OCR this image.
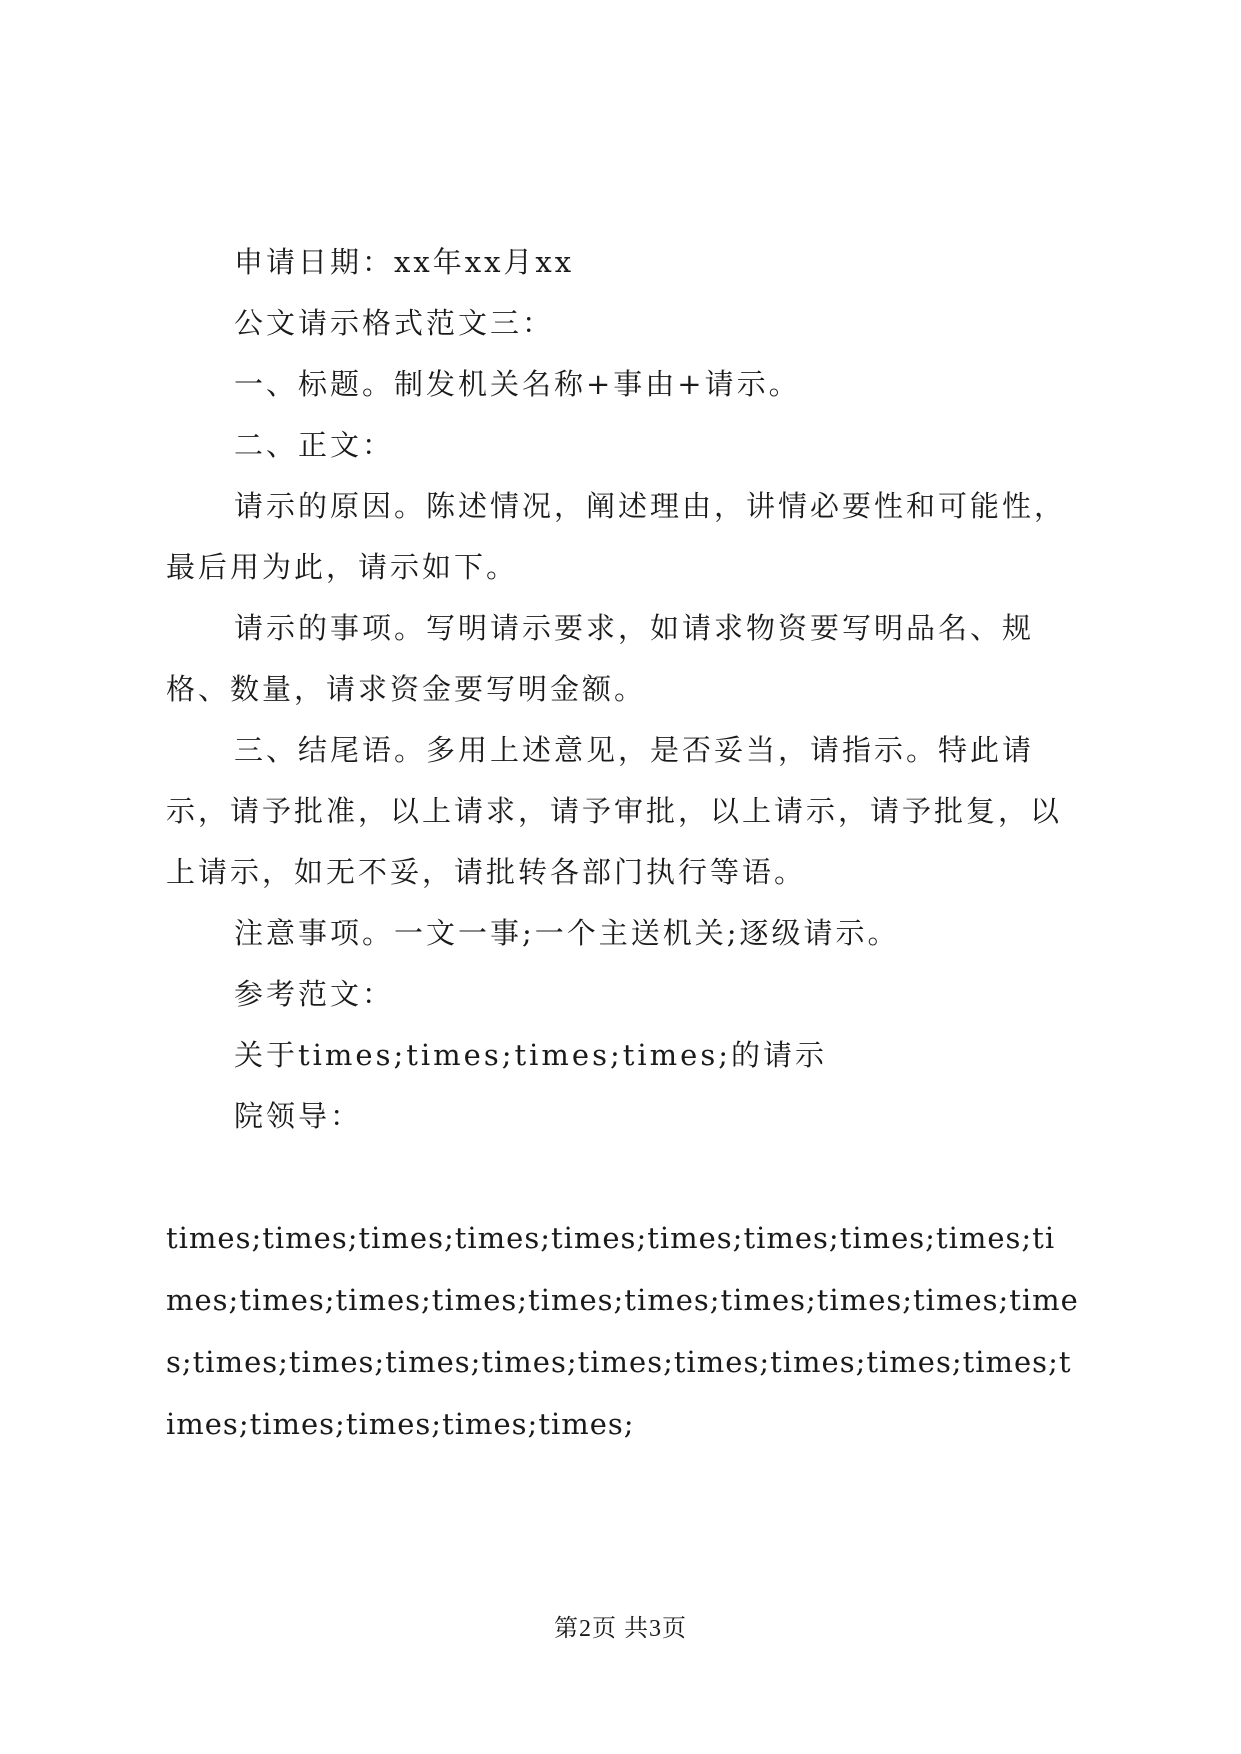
申请日期：xx年xx月xx

公文请示格式范文三：

一、标题。制发机关名称+事由+请示。

二、正文：

请示的原因。陈述情况，阐述理由，讲情必要性和可能性，最后用为此，请示如下。

请示的事项。写明请示要求，如请求物资要写明品名、规格、数量，请求资金要写明金额。

三、结尾语。多用上述意见，是否妥当，请指示。特此请示，请予批准，以上请求，请予审批，以上请示，请予批复，以上请示，如无不妥，请批转各部门执行等语。

注意事项。一文一事;一个主送机关;逐级请示。

参考范文：

关于times;times;times;times;的请示

院领导：

times;times;times;times;times;times;times;times;times;times;times;times;times;times;times;times;times;times;times;times;times;times;times;times;times;times;times;times;times;times;times;times;times;

第2页 共3页
